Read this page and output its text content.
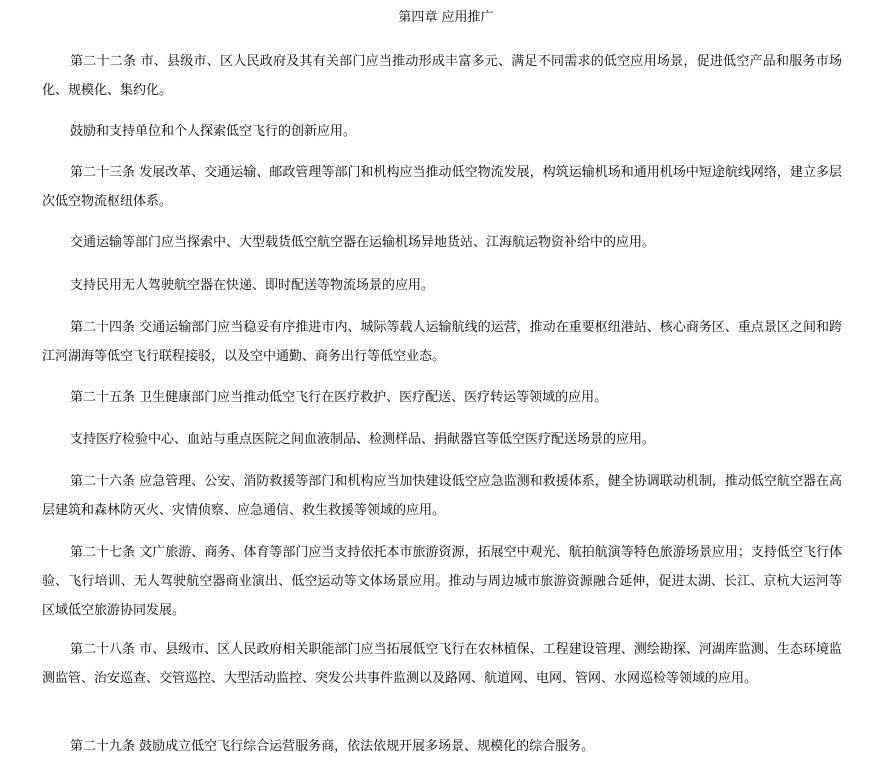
第四章 应用推广

第二十二条 市、县级市、区人民政府及其有关部门应当推动形成丰富多元、满足不同需求的低空应用场景，促进低空产品和服务市场化、规模化、集约化。

鼓励和支持单位和个人探索低空飞行的创新应用。

第二十三条 发展改革、交通运输、邮政管理等部门和机构应当推动低空物流发展，构筑运输机场和通用机场中短途航线网络，建立多层次低空物流枢纽体系。

交通运输等部门应当探索中、大型载货低空航空器在运输机场异地货站、江海航运物资补给中的应用。

支持民用无人驾驶航空器在快递、即时配送等物流场景的应用。

第二十四条 交通运输部门应当稳妥有序推进市内、城际等载人运输航线的运营，推动在重要枢纽港站、核心商务区、重点景区之间和跨江河湖海等低空飞行联程接驳，以及空中通勤、商务出行等低空业态。

第二十五条 卫生健康部门应当推动低空飞行在医疗救护、医疗配送、医疗转运等领域的应用。

支持医疗检验中心、血站与重点医院之间血液制品、检测样品、捐献器官等低空医疗配送场景的应用。

第二十六条 应急管理、公安、消防救援等部门和机构应当加快建设低空应急监测和救援体系，健全协调联动机制，推动低空航空器在高层建筑和森林防灭火、灾情侦察、应急通信、救生救援等领域的应用。

第二十七条 文广旅游、商务、体育等部门应当支持依托本市旅游资源，拓展空中观光、航拍航演等特色旅游场景应用；支持低空飞行体验、飞行培训、无人驾驶航空器商业演出、低空运动等文体场景应用。推动与周边城市旅游资源融合延伸，促进太湖、长江、京杭大运河等区域低空旅游协同发展。

第二十八条 市、县级市、区人民政府相关职能部门应当拓展低空飞行在农林植保、工程建设管理、测绘勘探、河湖库监测、生态环境监测监管、治安巡查、交管巡控、大型活动监控、突发公共事件监测以及路网、航道网、电网、管网、水网巡检等领域的应用。

第二十九条 鼓励成立低空飞行综合运营服务商，依法依规开展多场景、规模化的综合服务。
